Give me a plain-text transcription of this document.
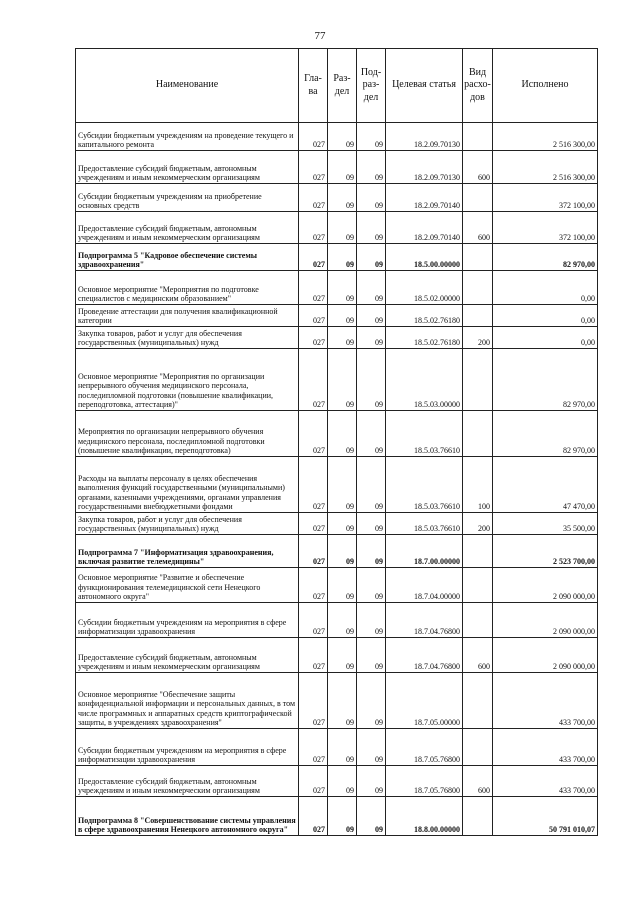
77
Наименование	Гла-ва	Раз-дел	Под-раз-дел	Целевая статья	Вид расхо-дов	Исполнено
Субсидии бюджетным учреждениям на проведение текущего и капитального ремонта	027	09	09	18.2.09.70130		2 516 300,00
Предоставление субсидий бюджетным, автономным учреждениям и иным некоммерческим организациям	027	09	09	18.2.09.70130	600	2 516 300,00
Субсидии бюджетным учреждениям на приобретение основных средств	027	09	09	18.2.09.70140		372 100,00
Предоставление субсидий бюджетным, автономным учреждениям и иным некоммерческим организациям	027	09	09	18.2.09.70140	600	372 100,00
Подпрограмма 5 "Кадровое обеспечение системы здравоохранения"	027	09	09	18.5.00.00000		82 970,00
Основное мероприятие "Мероприятия по подготовке специалистов с медицинским образованием"	027	09	09	18.5.02.00000		0,00
Проведение аттестации для получения квалификационной категории	027	09	09	18.5.02.76180		0,00
Закупка товаров, работ и услуг для обеспечения государственных (муниципальных) нужд	027	09	09	18.5.02.76180	200	0,00
Основное мероприятие "Мероприятия по организации непрерывного обучения медицинского персонала, последипломной подготовки (повышение квалификации, переподготовка, аттестация)"	027	09	09	18.5.03.00000		82 970,00
Мероприятия по организации непрерывного обучения медицинского персонала, последипломной подготовки (повышение квалификации, переподготовка)	027	09	09	18.5.03.76610		82 970,00
Расходы на выплаты персоналу в целях обеспечения выполнения функций государственными (муниципальными) органами, казенными учреждениями, органами управления государственными внебюджетными фондами	027	09	09	18.5.03.76610	100	47 470,00
Закупка товаров, работ и услуг для обеспечения государственных (муниципальных) нужд	027	09	09	18.5.03.76610	200	35 500,00
Подпрограмма 7 "Информатизация здравоохранения, включая развитие телемедицины"	027	09	09	18.7.00.00000		2 523 700,00
Основное мероприятие "Развитие и обеспечение функционирования телемедицинской сети Ненецкого автономного округа"	027	09	09	18.7.04.00000		2 090 000,00
Субсидии бюджетным учреждениям на мероприятия в сфере информатизации здравоохранения	027	09	09	18.7.04.76800		2 090 000,00
Предоставление субсидий бюджетным, автономным учреждениям и иным некоммерческим организациям	027	09	09	18.7.04.76800	600	2 090 000,00
Основное мероприятие "Обеспечение защиты конфиденциальной информации и персональных данных, в том числе программных и аппаратных средств криптографической защиты, в учреждениях здравоохранения"	027	09	09	18.7.05.00000		433 700,00
Субсидии бюджетным учреждениям на мероприятия в сфере информатизации здравоохранения	027	09	09	18.7.05.76800		433 700,00
Предоставление субсидий бюджетным, автономным учреждениям и иным некоммерческим организациям	027	09	09	18.7.05.76800	600	433 700,00
Подпрограмма 8 "Совершенствование системы управления в сфере здравоохранения Ненецкого автономного округа"	027	09	09	18.8.00.00000		50 791 010,07
